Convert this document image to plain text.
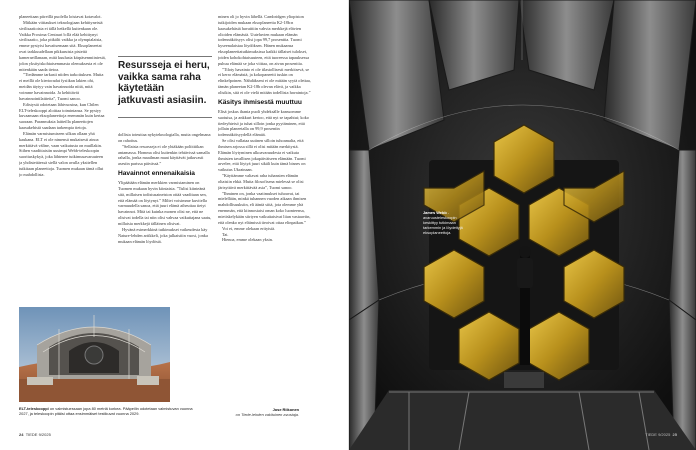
planeettaan piireillä puolella loistavat kotavalot.

Mitkään viittaukset teknologiaan kehittyneistä sivilisaatioista ei tällä hetkellä kuitenkaan ole. Vaikka Proxima Centauri b:llä elää kehittynyt sivilisaatio, joka pitkälti vaikka ja olympialaisia, emme pystyisi havaitsemaan sitä. Eksoplaneetat ovat tarkkuudellaan pikkuruisia pisteitä kameraeillanaan, mitä kuulusta kärpäsenmiiniestä, jolon yksityiskohtaisemmasta olemuksesta ei ole mitenkään saada tietoa.

”Tiedämme tarkasti niiden tarkoituksen. Mutta ei meillä ole kiertoradat fysiikan lakien ohi, meidän täytyy vain havainnoida niitä, mitä voimme havainnoida. Ja kehittävät havainnointilaitteita”, Tuomi sanoo.

Edistystä odotetaan lähivuosina, kun Chilen ELT-teleskooppi aloittaa toimintansa. Se pystyy kuvaamaan eksoplaneettoja enemmän kuin kertaa suoraan. Parannuksia laitteilla planeettojen kaasukehistä saadaan tarkempia tietoja.

Elämän varmistumiseen silkan ollaan yhä kaukana. ELT ei ole nimensä mukaisesti ainoa merkittävä väline, vaan vaikutusta on muillakin. Siihen vaadittaisiin uusimpi Webb-teleskoopin suorituskykyä, joka lähtenee tutkimusavaruuteen ja yhdistettäessä siellä valon avulla yksitellen tutkitaan planeettoja. Tuomen mukaan tämä ollut jo mahdollista.

Resursseja ei heru, vaikka sama raha käytetään jatkuvasti asiasiin.

dollista toteuttaa nykyteknologialla, mutta ongelmana on rahoitus.

”Sellaisia resursseja ei ole yhtäkään poliittiikan antamassa. Homma olisi kuitenkin tehtävissä samalla rahalla, jonka maailman maat käyttävät jatkuvasti asesiin parissa päivässä.”

Havainnot ennenaikaisia

Ylipäätään elämän merkkien varmistaminen on Tuomen mukaan hyvin kiintaisia. ”Tulisi kiinteänä sitä, millaisen todistusaineiston ottää vaaditaan sen, että elämää on löytynyt.” Miltei voisimme kuvitella varmuudella sanoa, että juuri elämä aiheuttaa tietyt havainnot. Mitä tai kuinka monen olisi ne, että ne olisivat todella tai niin olisi vahvaa vaikuttajana saatu, millaisia merkkejä tälläinen olisivat.

Hyvänä esimerkkinä tutkimukset vaikeudesta käy Nature-lehden artikkeli, joka julkaistiin vuosi, jonka mukaan elämän löydöstä.

minen oli jo hyvin lähellä. Cambridgen yliopiston tutkijoiden mukaan eksoplaneetta K2-18b:n kaasukehästä havaittiin vahvia merkkejä elävien olioiden elämästä. Uuteluvien mukaan elämän todennäköisyys olisi jopa 99,7 prosenttia. Tuomi kyseenalaistaa löydöksen. Hänen mukaansa eksoplaneettatutkimuksissa kaikki tällaiset tulokset, joiden kohokohtaisuuteen, että tuoreessa tapauksessa puhuu elämää se joka viittaa, on aivan prosenttia.

”Tiloty havainto ei ole tilastollisesti merkitsevä, se ei kerro elämästä, ja kokopaneetti tuskin on elinkelpoinen. Nähdäkseni ei ole mitään syytä olettaa, tämän planeetan K2-18b olevan elävä, ja vaikka olisikin, sitä ei ole vielä mitään todellista havaintoja.”

Käsitys ihmisestä muuttuu

Elisä joskus ihania puoli yhdeksälle kanssomme suotuisa, ja ankkurt kertoo, että nyt se tapahtui; koko tiedeyhteisö ja tuhat silloin jonka pyytäminen, että jollain planeetalla on 99,9 prosentin todennäköisyydellä elämää.

Se olisi vallataa uutinen silloin tuhoamalta, että ihmisen arjossa sillä ei olisi mitään merkitystä. Elämän löytyminen ulkoavaruudesta ei vaikuta ihmisten tavallisen jokapäiväiseen elämään. Tuomi arvelee, että löytyä juuri sikäli kuin tämä bisnes on vaikutus Ukrainaan.

”Käyttämme valtavat raha tuhansien elämän oltaisiin ehkä. Mutta filosofisena mielessä se olisi järisyttävä merkittävää asia”, Tuomi sanoo.

”Ihminen on, jonka vaatimukset tuhoavat, tai mielellään, minkä tuhannen vuoden aikaan ihmisen mahdollisuuksiin, eli ääntä siitä, jota olemme yhä enemmän, että kiinnostaisi oman koko luonteensa, mietiskelykään siirtyen vaikuttaisivat liian vastaaviin, että olenko nyt eläimissä tieoivat ottaa elinpaikan.”

Voi ei, emme olekaan erityisiä.

Tai.

Hienoa, emme olekaan yksin.

ELT-teleskooppi on valmistuessaan jopa 80 metriä korkea. Pääpeilin odotetaan valmistuvan vuonna 2027, ja teleskoopin pitäisi ottaa ensimmäiset testikuvat vuonna 2029.
Jose Riikonen
on Tiede-lehden vakituinen avustaja.
24 TIEDE 9/2025
James Webb -avaruusteleskoopin keskittyy tutkimaan tarkemmin ja löydettyjä eksoplaneettoja.
TIEDE 9/2025 25
